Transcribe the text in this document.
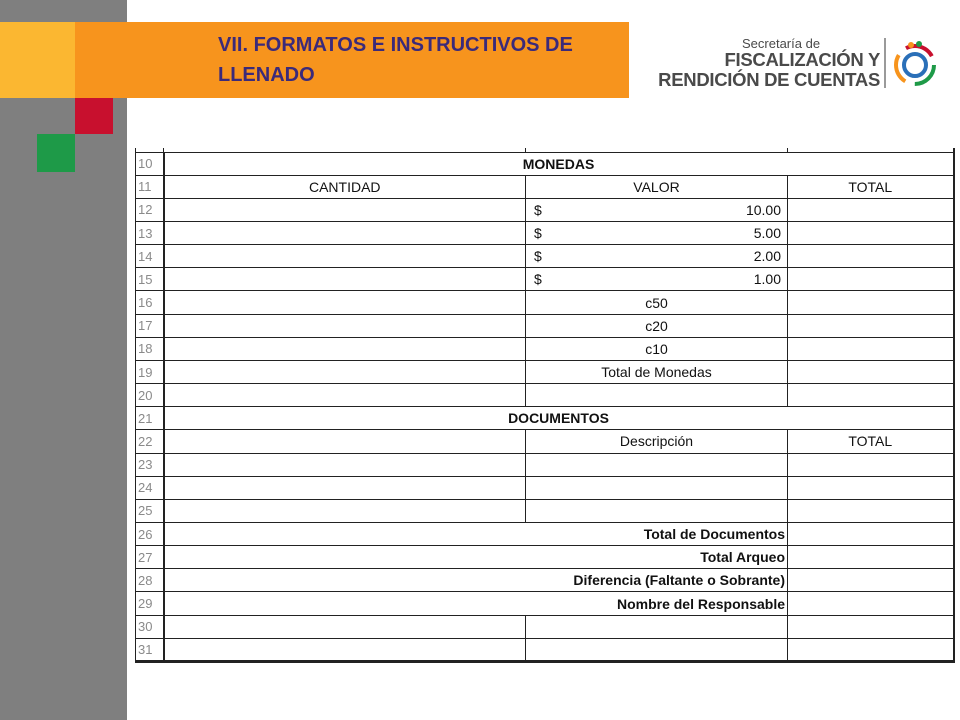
VII. FORMATOS E INSTRUCTIVOS DE LLENADO
Secretaría de
FISCALIZACIÓN Y
RENDICIÓN DE CUENTAS

10	MONEDAS		
11	CANTIDAD	VALOR	TOTAL
12		$ 10.00	

13		$ 5.00	

14		$ 2.00	

15		$ 1.00	

16		c50	
17		c20	
18		c10	
19		Total de Monedas	
20			
21	DOCUMENTOS		
22		Descripción	TOTAL
23			
24			
25			
26	Total de Documentos		
27	Total Arqueo		
28	Diferencia (Faltante o Sobrante)		
29	Nombre del Responsable		
30			
31			
